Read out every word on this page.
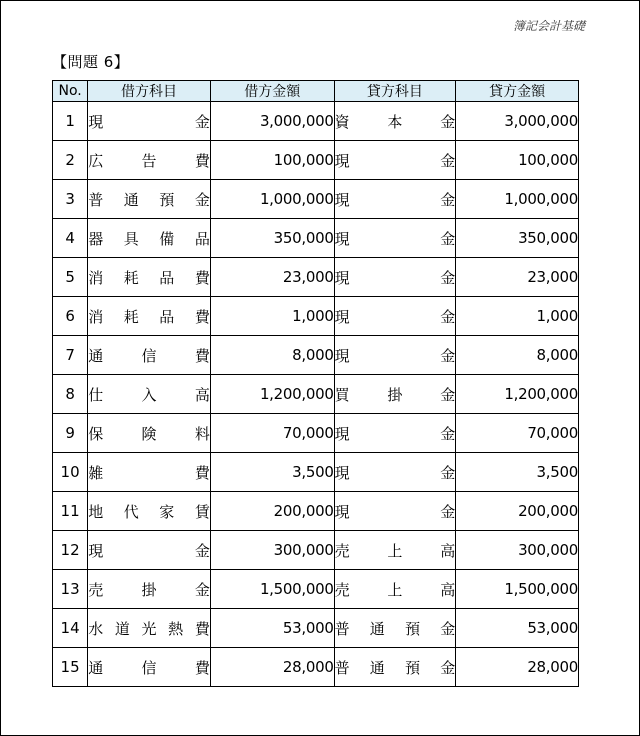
簿記会計基礎
【問題 6】
No.	借方科目	借方金額	貸方科目	貸方金額
1	現 金	3,000,000	資 本 金	3,000,000
2	広 告 費	100,000	現 金	100,000
3	普 通 預 金	1,000,000	現 金	1,000,000
4	器 具 備 品	350,000	現 金	350,000
5	消 耗 品 費	23,000	現 金	23,000
6	消 耗 品 費	1,000	現 金	1,000
7	通 信 費	8,000	現 金	8,000
8	仕 入 高	1,200,000	買 掛 金	1,200,000
9	保 険 料	70,000	現 金	70,000
10	雑 費	3,500	現 金	3,500
11	地 代 家 賃	200,000	現 金	200,000
12	現 金	300,000	売 上 高	300,000
13	売 掛 金	1,500,000	売 上 高	1,500,000
14	水 道 光 熱 費	53,000	普 通 預 金	53,000
15	通 信 費	28,000	普 通 預 金	28,000
